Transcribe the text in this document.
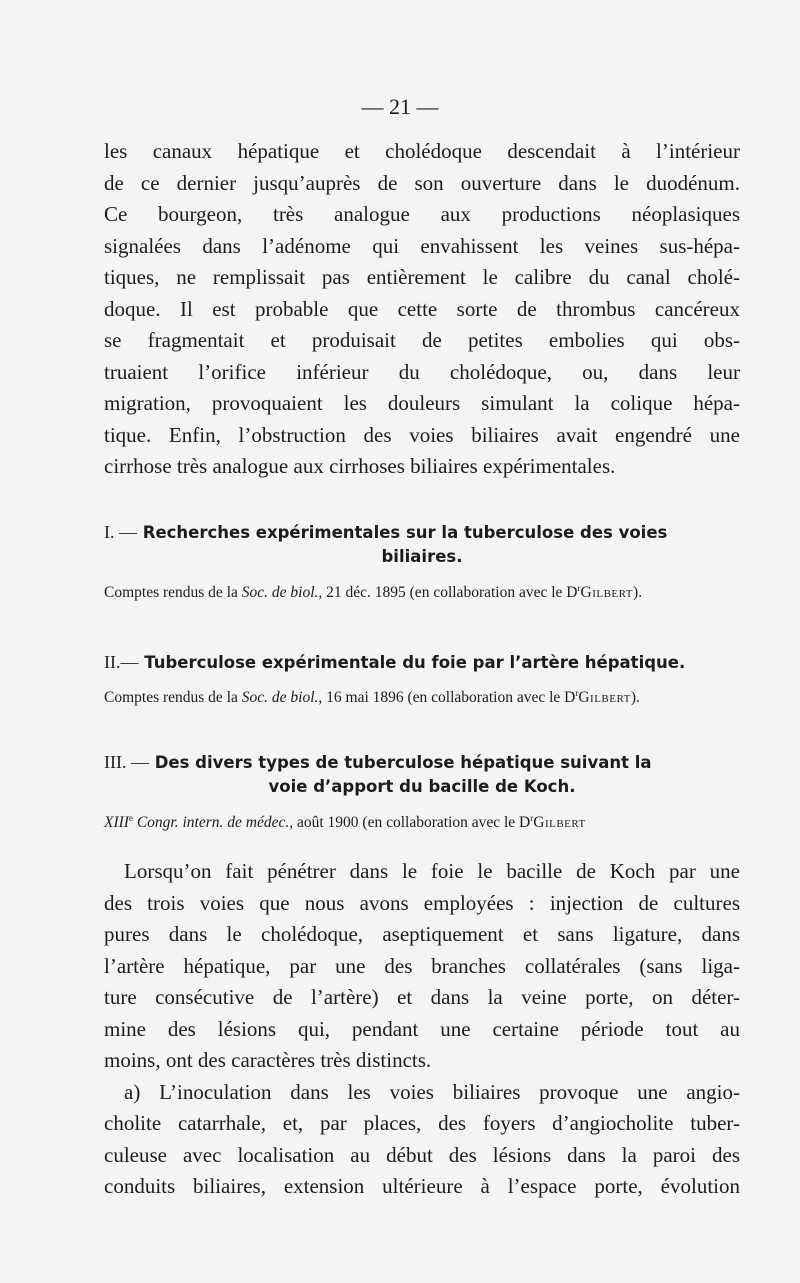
— 21 —
les canaux hépatique et cholédoque descendait à l’intérieur
de ce dernier jusqu’auprès de son ouverture dans le duodénum.
Ce bourgeon, très analogue aux productions néoplasiques
signalées dans l’adénome qui envahissent les veines sus-hépa-
tiques, ne remplissait pas entièrement le calibre du canal cholé-
doque. Il est probable que cette sorte de thrombus cancéreux
se fragmentait et produisait de petites embolies qui obs-
truaient l’orifice inférieur du cholédoque, ou, dans leur
migration, provoquaient les douleurs simulant la colique hépa-
tique. Enfin, l’obstruction des voies biliaires avait engendré une
cirrhose très analogue aux cirrhoses biliaires expérimentales.
I. — Recherches expérimentales sur la tuberculose des voies
biliaires.
Comptes rendus de la Soc. de biol., 21 déc. 1895 (en collaboration avec le $D^rGilbert$).
II.— Tuberculose expérimentale du foie par l’artère hépatique.
Comptes rendus de la Soc. de biol., 16 mai 1896 (en collaboration avec le $D^rGilbert$).
III. — Des divers types de tuberculose hépatique suivant la
voie d’apport du bacille de Koch.
XIIIe Congr. intern. de médec., août 1900 (en collaboration avec le $D^rGilbert$
Lorsqu’on fait pénétrer dans le foie le bacille de Koch par une
des trois voies que nous avons employées : injection de cultures
pures dans le cholédoque, aseptiquement et sans ligature, dans
l’artère hépatique, par une des branches collatérales (sans liga-
ture consécutive de l’artère) et dans la veine porte, on déter-
mine des lésions qui, pendant une certaine période tout au
moins, ont des caractères très distincts.
a) L’inoculation dans les voies biliaires provoque une angio-
cholite catarrhale, et, par places, des foyers d’angiocholite tuber-
culeuse avec localisation au début des lésions dans la paroi des
conduits biliaires, extension ultérieure à l’espace porte, évolution
